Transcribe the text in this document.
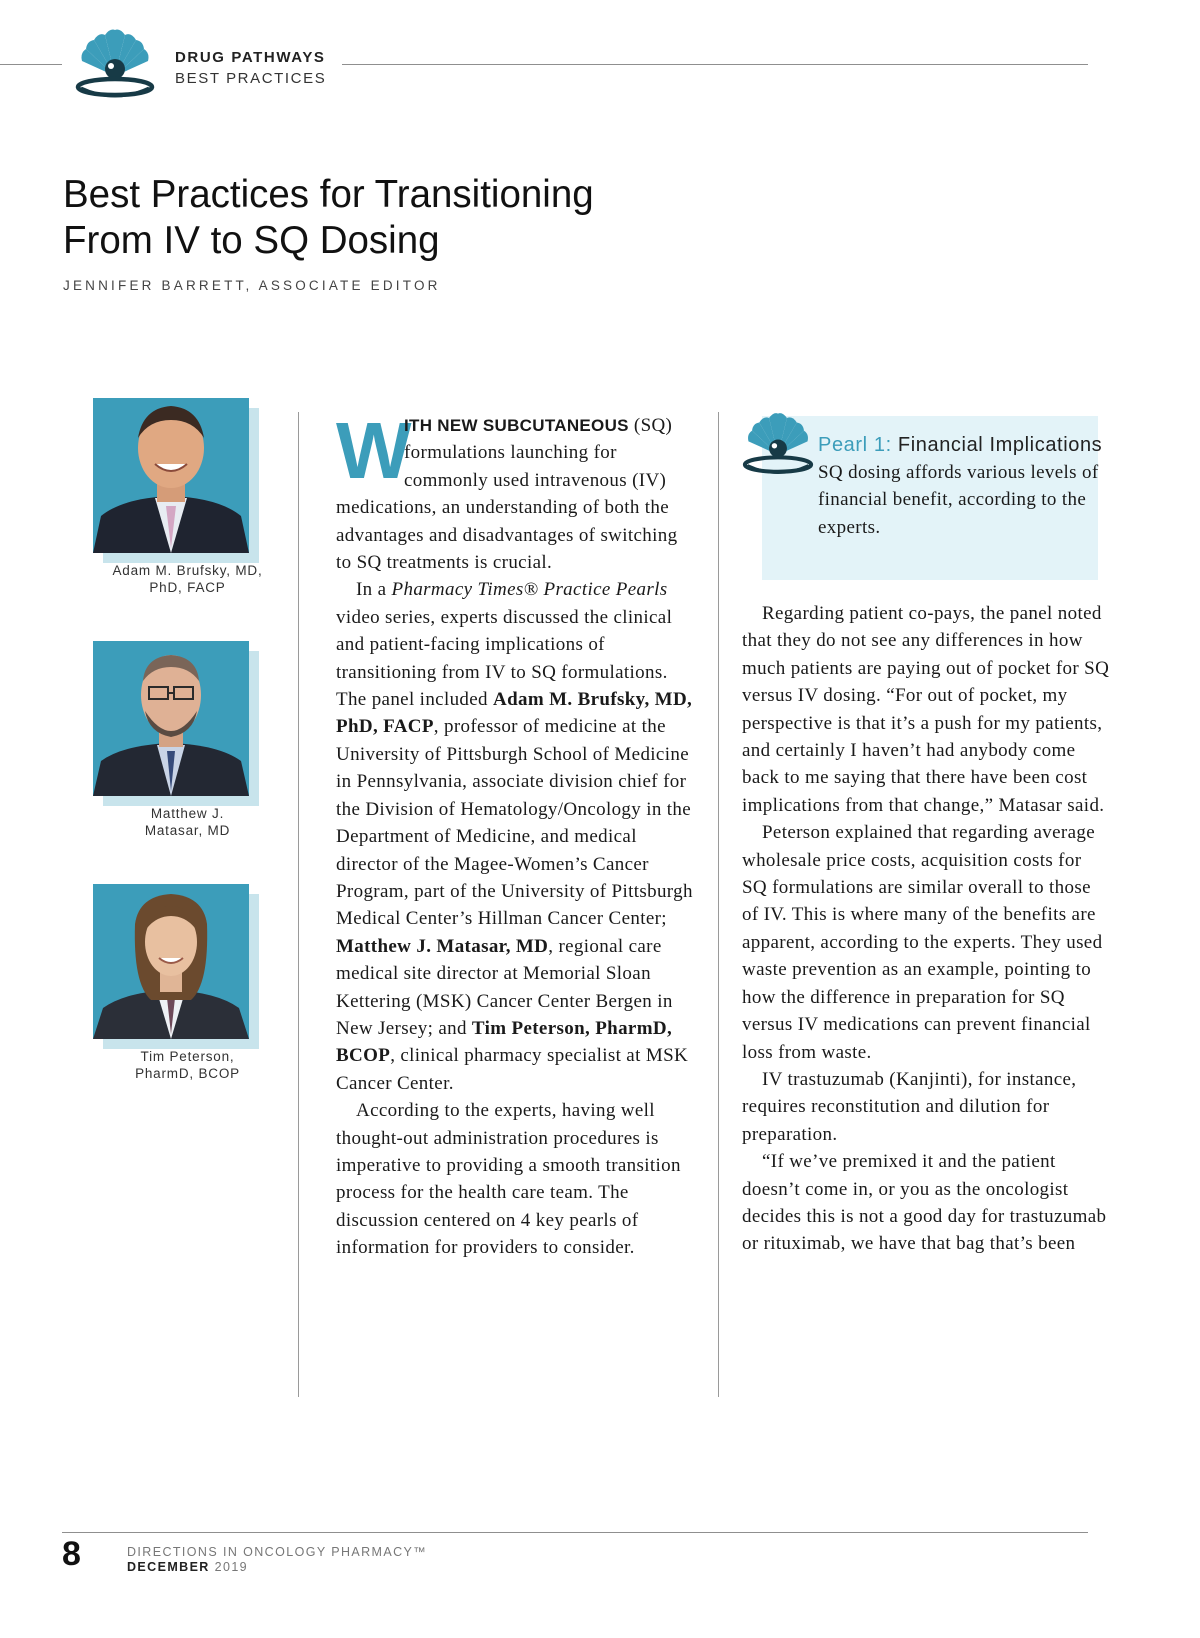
DRUG PATHWAYS
BEST PRACTICES
Best Practices for Transitioning
From IV to SQ Dosing
JENNIFER BARRETT, ASSOCIATE EDITOR
Adam M. Brufsky, MD,
PhD, FACP
Matthew J.
Matasar, MD
Tim Peterson,
PharmD, BCOP
W

ITH NEW SUBCUTANEOUS (SQ) formulations launching for commonly used intravenous (IV) medications, an understanding of both the advantages and disadvantages of switching to SQ treatments is crucial.

In a Pharmacy Times® Practice Pearls video series, experts discussed the clinical and patient-facing implications of transitioning from IV to SQ formulations. The panel included Adam M. Brufsky, MD, PhD, FACP, professor of medicine at the University of Pittsburgh School of Medicine in Pennsylvania, associate division chief for the Division of Hematology/Oncology in the Department of Medicine, and medical director of the Magee-Women’s Cancer Program, part of the University of Pittsburgh Medical Center’s Hillman Cancer Center; Matthew J. Matasar, MD, regional care medical site director at Memorial Sloan Kettering (MSK) Cancer Center Bergen in New Jersey; and Tim Peterson, PharmD, BCOP, clinical pharmacy specialist at MSK Cancer Center.

According to the experts, having well thought-out administration procedures is imperative to providing a smooth transition process for the health care team. The discussion centered on 4 key pearls of information for providers to consider.

Pearl 1: Financial Implications
SQ dosing affords various levels of financial benefit, according to the experts.

Regarding patient co-pays, the panel noted that they do not see any differences in how much patients are paying out of pocket for SQ versus IV dosing. “For out of pocket, my perspective is that it’s a push for my patients, and certainly I haven’t had anybody come back to me saying that there have been cost implications from that change,” Matasar said.

Peterson explained that regarding average wholesale price costs, acquisition costs for SQ formulations are similar overall to those of IV. This is where many of the benefits are apparent, according to the experts. They used waste prevention as an example, pointing to how the difference in preparation for SQ versus IV medications can prevent financial loss from waste.

IV trastuzumab (Kanjinti), for instance, requires reconstitution and dilution for preparation.

“If we’ve premixed it and the patient doesn’t come in, or you as the oncologist decides this is not a good day for trastuzumab or rituximab, we have that bag that’s been

8	DIRECTIONS IN ONCOLOGY PHARMACY™
DECEMBER 2019
